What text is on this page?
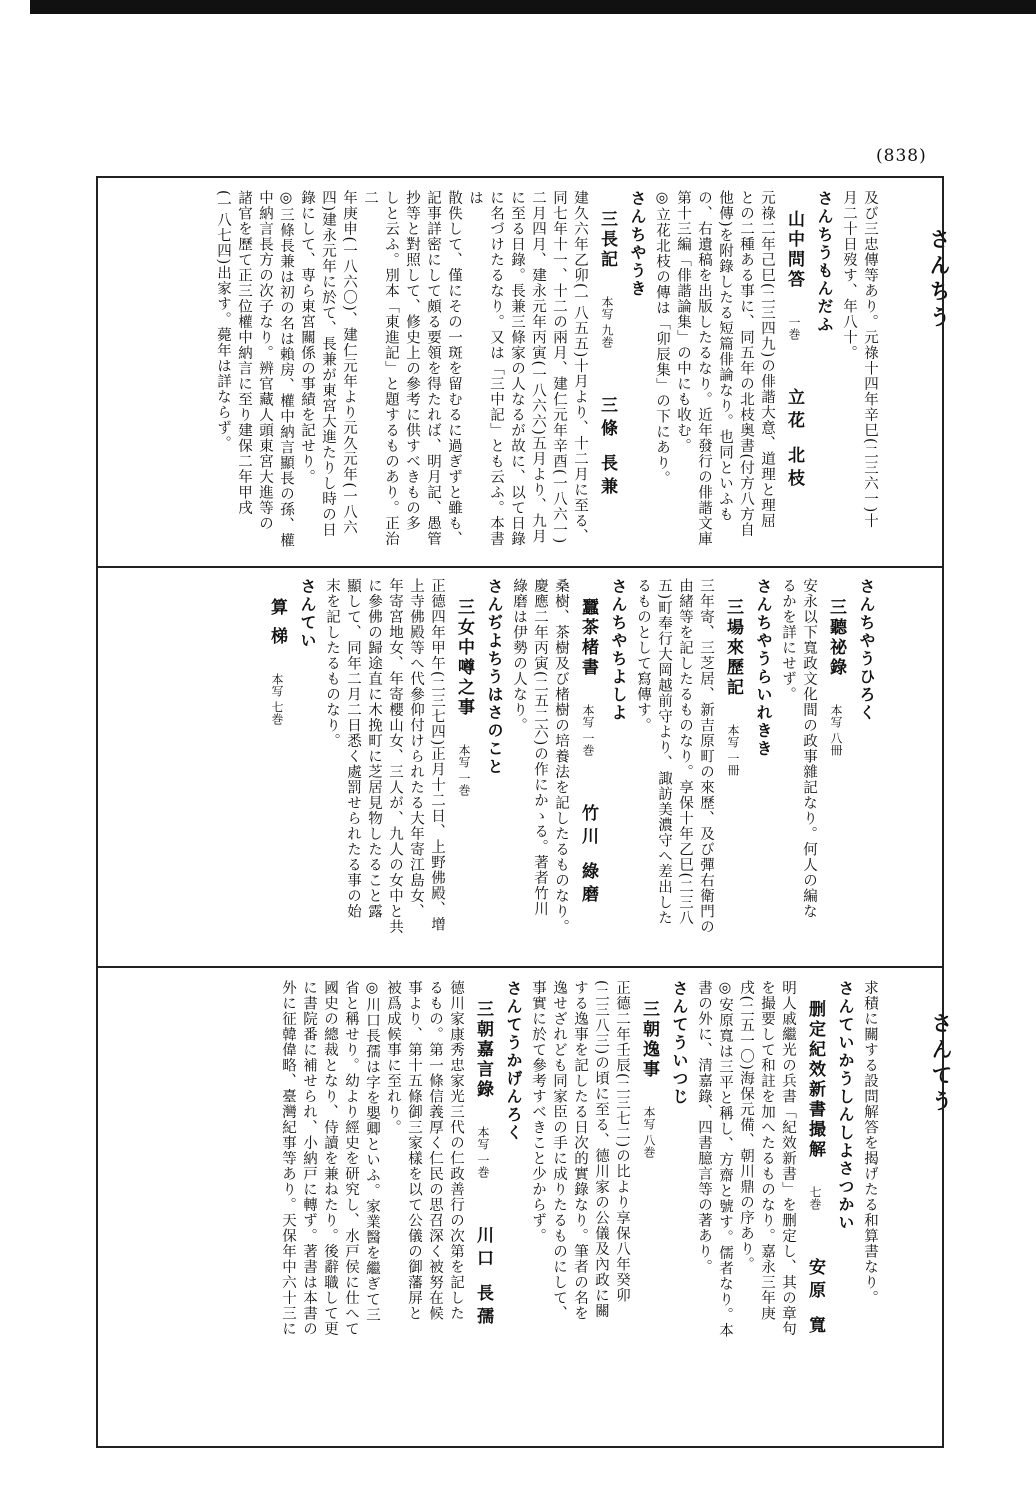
(838)
さんちう
さんてう
及び三忠傳等あり。元祿十四年辛巳(二三六一)十
月二十日歿す、年八十。
さんちうもんだふ
山中問答一巻立花 北枝
元祿二年己巳(二三四九)の俳諧大意、道理と理屈
との二種ある事に、同五年の北枝奥書(付方八方自
他傳)を附錄したる短篇俳論なり。也同といふも
の、右遺稿を出版したるなり。近年發行の俳諧文庫
第十三編「俳諧論集」の中にも收む。
◎立花北枝の傳は「卯辰集」の下にあり。
さんちやうき
三長記本写 九巻三條 長兼
建久六年乙卯(一八五五)十月より、十二月に至る、
同七年十一、十二の兩月、建仁元年辛酉(一八六一)
二月四月、建永元年丙寅(一八六六)五月より、九月
に至る日錄。長兼三條家の人なるが故に、以て日錄
に名づけたるなり。又は「三中記」とも云ふ。本書は
散佚して、僅にその一斑を留むるに過ぎずと雖も、
記事詳密にして頗る要領を得たれば、明月記、愚管
抄等と對照して、修史上の參考に供すべきもの多
しと云ふ。別本「東進記」と題するものあり。正治二
年庚申(一八六〇)、建仁元年より元久元年(一八六
四)建永元年に於て、長兼が東宮大進たりし時の日
錄にして、専ら東宮關係の事績を記せり。
◎三條長兼は初の名は賴房、權中納言顯長の孫、權
中納言長方の次子なり。辨官藏人頭東宮大進等の
諸官を歷て正三位權中納言に至り建保二年甲戌
(一八七四)出家す。薨年は詳ならず。
さんちやうひろく
三聽祕錄本写 八冊
安永以下寬政文化間の政事雜記なり。何人の編な
るかを詳にせず。
さんちやうらいれきき
三場來歷記本写 一冊
三年寄、三芝居、新吉原町の來歷、及び彈右衛門の
由緒等を記したるものなり。享保十年乙巳(二三八
五)町奉行大岡越前守より、諏訪美濃守へ差出した
るものとして寫傳す。
さんちやちよしよ
蠶茶楮書本写 一巻竹川 綠磨
桑樹、茶樹及び楮樹の培養法を記したるものなり。
慶應二年丙寅(二五二六)の作にかゝる。著者竹川
綠磨は伊勢の人なり。
さんぢよちうはさのこと
三女中噂之事本写 一巻
正德四年甲午(二三七四)正月十二日、上野佛殿、增
上寺佛殿等へ代參仰付けられたる大年寄江島女、
年寄宮地女、年寄櫻山女、三人が、九人の女中と共
に參佛の歸途直に木挽町に芝居見物したること露
顯して、同年二月二日悉く處罰せられたる事の始
末を記したるものなり。
さんてい
算 梯本写 七巻
求積に關する設問解答を揭げたる和算書なり。
さんていかうしんしよさつかい
删定紀效新書撮解七巻安原 寬
明人戚繼光の兵書「紀效新書」を删定し、其の章句
を撮要して和註を加へたるものなり。嘉永三年庚
戌(二五一〇)海保元備、朝川鼎の序あり。
◎安原寬は三平と稱し、方齋と號す。儒者なり。本
書の外に、清嘉錄、四書臆言等の著あり。
さんてういつじ
三朝逸事本写 八巻
正德二年壬辰(二三七二)の比より享保八年癸卯
(二三八三)の頃に至る、德川家の公儀及內政に關
する逸事を記したる日次的實錄なり。筆者の名を
逸せざれども同家臣の手に成りたるものにして、
事實に於て參考すべきこと少からず。
さんてうかげんろく
三朝嘉言錄本写 一巻川口 長孺
德川家康秀忠家光三代の仁政善行の次第を記した
るもの。第一條信義厚く仁民の思召深く被努在候
事より、第十五條御三家樣を以て公儀の御藩屏と
被爲成候事に至れり。
◎川口長孺は字を嬰卿といふ。家業醫を繼ぎて三
省と稱せり。幼より經史を研究し、水戸侯に仕へて
國史の總裁となり、侍讀を兼ねたり。後辭職して更
に書院番に補せられ、小納戸に轉ず。著書は本書の
外に征韓偉略、臺灣紀事等あり。天保年中六十三に
